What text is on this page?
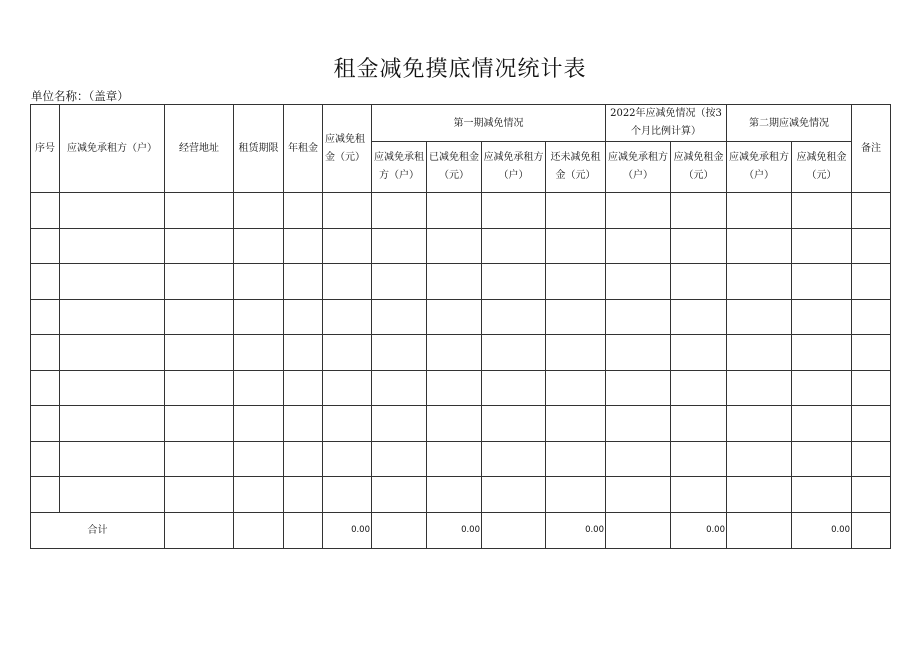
租金减免摸底情况统计表
单位名称：（盖章）
序号	应减免承租方（户）	经营地址	租赁期限	年租金	应减免租金（元）	第一期减免情况				2022年应减免情况（按3个月比例计算）		第二期应减免情况		备注
						应减免承租方（户）	已减免租金（元）	应减免承租方（户）	还未减免租金（元）	应减免承租方（户）	应减免租金（元）	应减免承租方（户）	应减免租金（元）	

合计					0.00		0.00		0.00		0.00		0.00	
